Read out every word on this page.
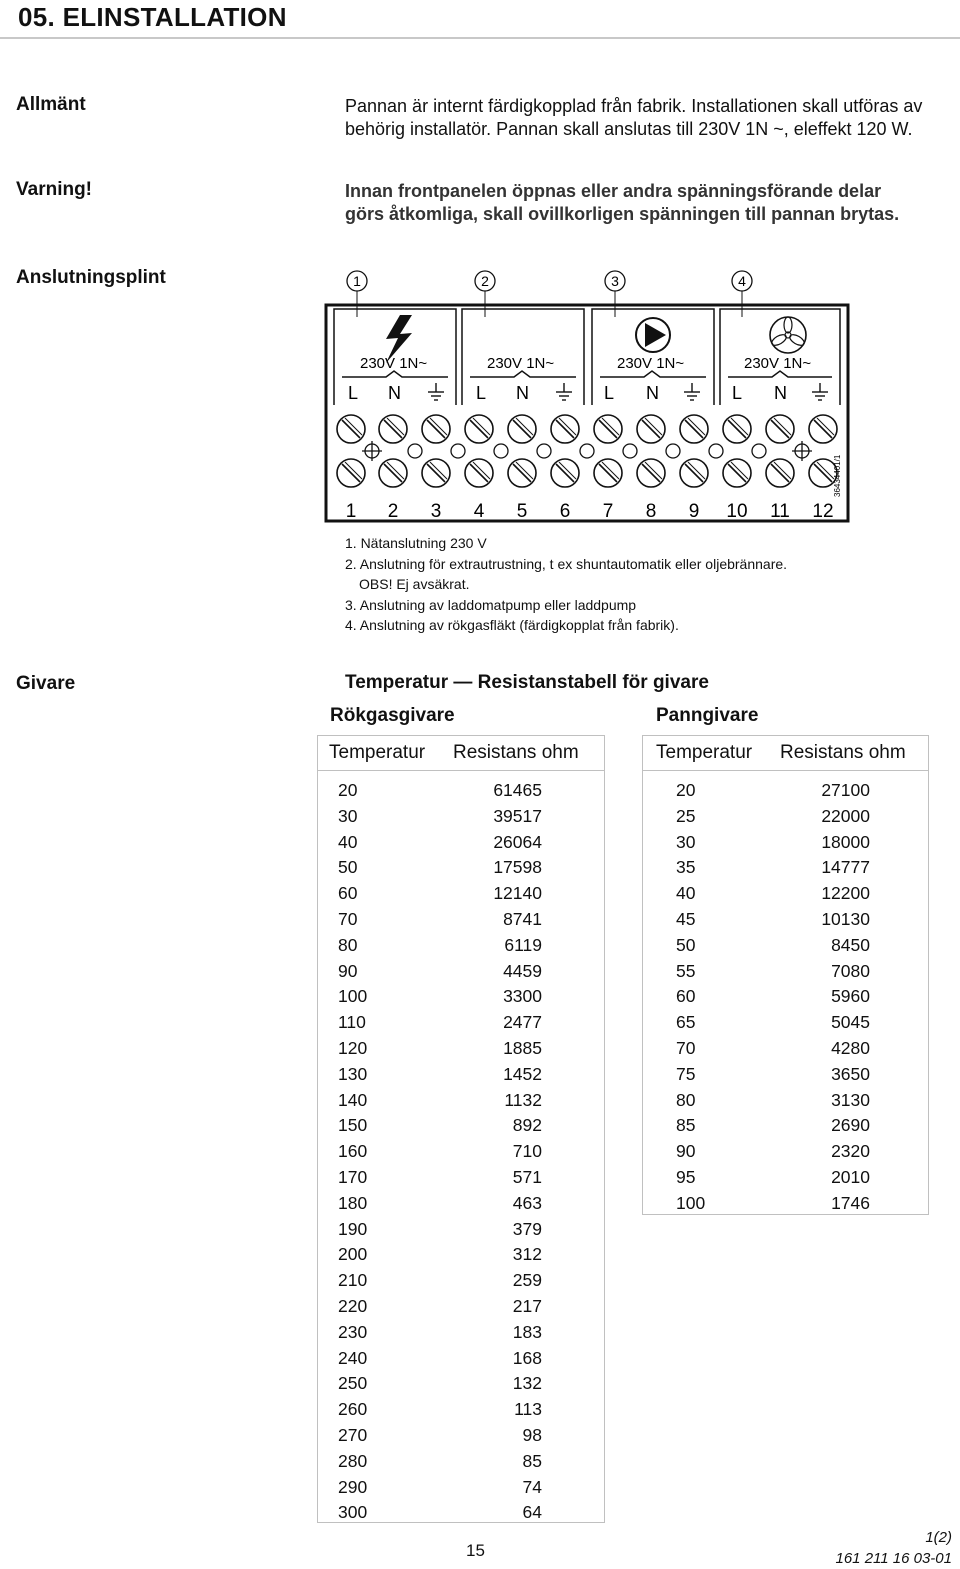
05. ELINSTALLATION
Allmänt	Pannan är internt färdigkopplad från fabrik. Installationen skall utföras av
behörig installatör. Pannan skall anslutas till 230V 1N ~, eleffekt 120 W.
Varning!	Innan frontpanelen öppnas eller andra spänningsförande delar
görs åtkomliga, skall ovillkorligen spänningen till pannan brytas.
Anslutningsplint	1	2	3	4
230V 1N~	230V 1N~	230V 1N~	230V 1N~
L N	L N	L N	L N
1 2 3 4 5 6 7 8 9 10 11 12
36434401/1
1. Nätanslutning 230 V
2. Anslutning för extrautrustning, t ex shuntautomatik eller oljebrännare.
OBS! Ej avsäkrat.
3. Anslutning av laddomatpump eller laddpump
4. Anslutning av rökgasfläkt (färdigkopplat från fabrik).
Givare	Temperatur — Resistanstabell för givare
Rökgasgivare	Panngivare
Temperatur Resistans ohm
20	61465
30	39517
40	26064
50	17598
60	12140
70	8741
80	6119
90	4459
100	3300
110	2477
120	1885
130	1452
140	1132
150	892
160	710
170	571
180	463
190	379
200	312
210	259
220	217
230	183
240	168
250	132
260	113
270	98
280	85
290	74
300	64
Temperatur Resistans ohm
20	27100
25	22000
30	18000
35	14777
40	12200
45	10130
50	8450
55	7080
60	5960
65	5045
70	4280
75	3650
80	3130
85	2690
90	2320
95	2010
100	1746
15
1(2)
161 211 16 03-01
